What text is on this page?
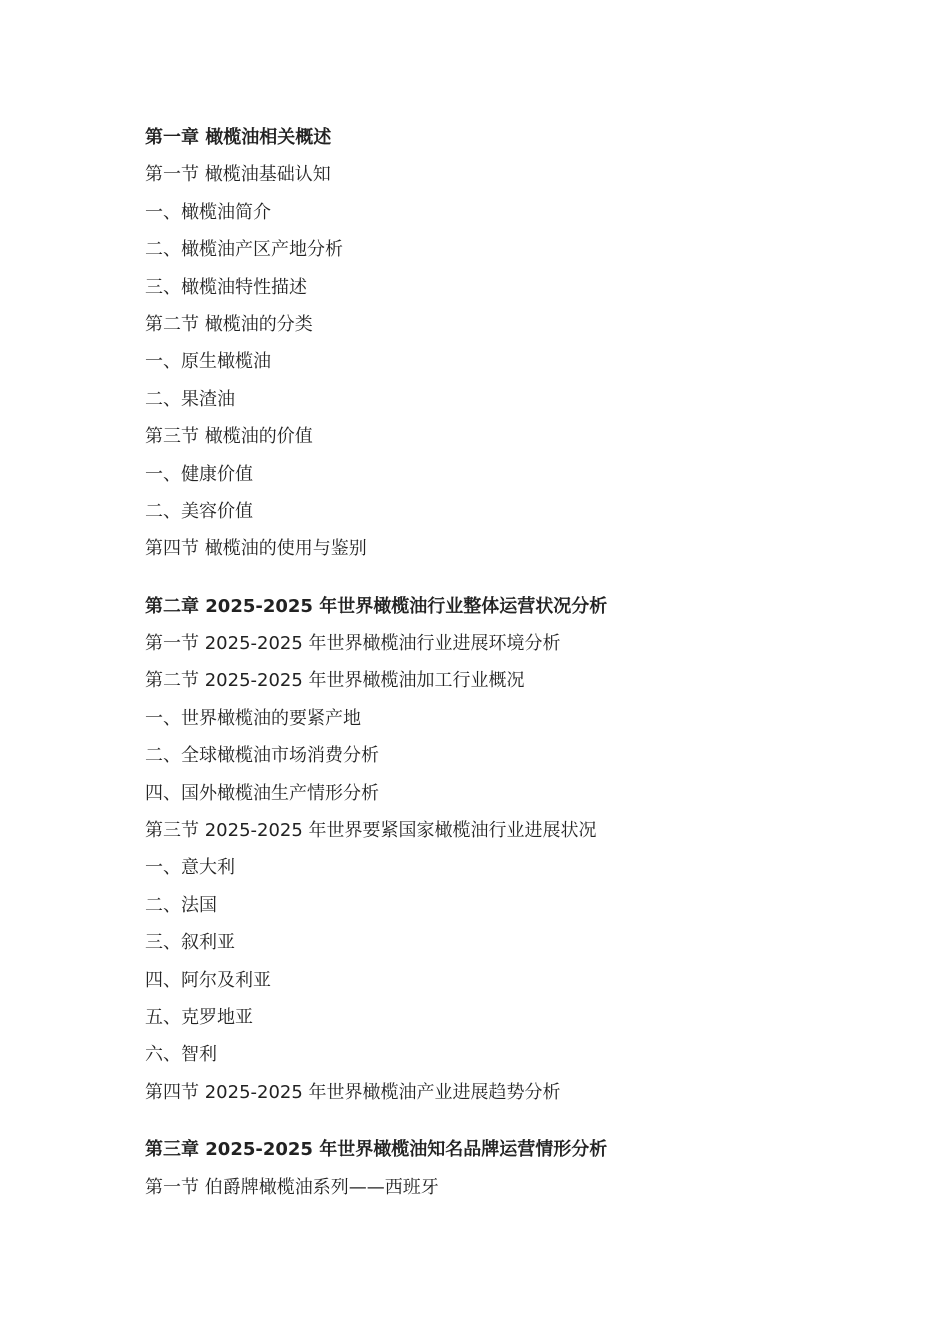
第一章 橄榄油相关概述
第一节 橄榄油基础认知
一、橄榄油简介
二、橄榄油产区产地分析
三、橄榄油特性描述
第二节 橄榄油的分类
一、原生橄榄油
二、果渣油
第三节 橄榄油的价值
一、健康价值
二、美容价值
第四节 橄榄油的使用与鉴别
第二章 2025-2025 年世界橄榄油行业整体运营状况分析
第一节 2025-2025 年世界橄榄油行业进展环境分析
第二节 2025-2025 年世界橄榄油加工行业概况
一、世界橄榄油的要紧产地
二、全球橄榄油市场消费分析
四、国外橄榄油生产情形分析
第三节 2025-2025 年世界要紧国家橄榄油行业进展状况
一、意大利
二、法国
三、叙利亚
四、阿尔及利亚
五、克罗地亚
六、智利
第四节 2025-2025 年世界橄榄油产业进展趋势分析
第三章 2025-2025 年世界橄榄油知名品牌运营情形分析
第一节 伯爵牌橄榄油系列——西班牙
